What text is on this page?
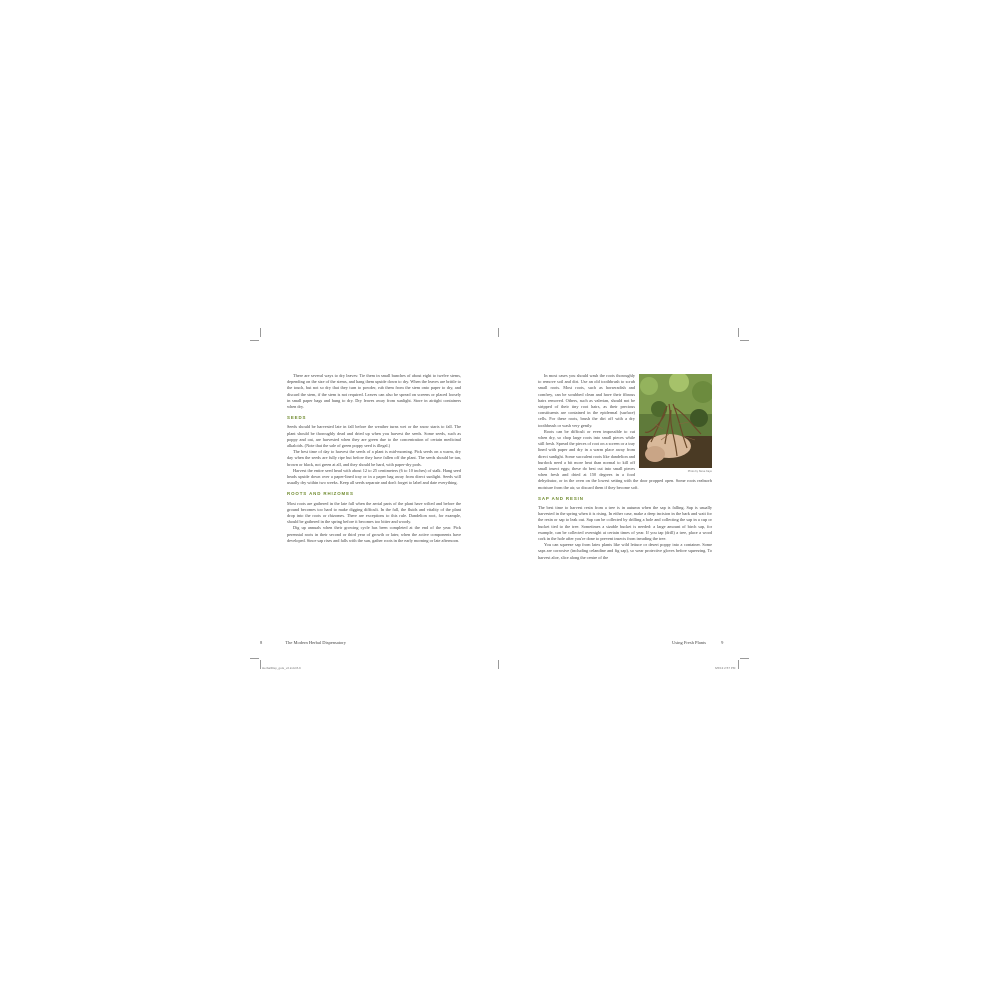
There are several ways to dry leaves: Tie them in small bunches of about eight to twelve stems, depending on the size of the stems, and hang them upside down to dry. When the leaves are brittle to the touch, but not so dry that they turn to powder, rub them from the stem onto paper to dry, and discard the stem, if the stem is not required. Leaves can also be spread on screens or placed loosely in small paper bags and hung to dry. Dry leaves away from sunlight. Store in airtight containers when dry.

SEEDS

Seeds should be harvested late in fall before the weather turns wet or the snow starts to fall. The plant should be thoroughly dead and dried up when you harvest the seeds. Some seeds, such as poppy and oat, are harvested when they are green due to the concentration of certain medicinal alkaloids. (Note that the sale of green poppy seed is illegal.)

The best time of day to harvest the seeds of a plant is mid-morning. Pick seeds on a warm, dry day when the seeds are fully ripe but before they have fallen off the plant. The seeds should be tan, brown or black, not green at all, and they should be hard, with paper-dry pods.

Harvest the entire seed head with about 12 to 25 centimeters (6 to 10 inches) of stalk. Hang seed heads upside down over a paper-lined tray or in a paper bag away from direct sunlight. Seeds will usually dry within two weeks. Keep all seeds separate and don't forget to label and date everything.

ROOTS AND RHIZOMES

Most roots are gathered in the late fall when the aerial parts of the plant have wilted and before the ground becomes too hard to make digging difficult. In the fall, the fluids and vitality of the plant drop into the roots or rhizomes. There are exceptions to this rule. Dandelion root, for example, should be gathered in the spring before it becomes too bitter and woody.

Dig up annuals when their growing cycle has been completed at the end of the year. Pick perennial roots in their second or third year of growth or later, when the active components have developed. Since sap rises and falls with the sun, gather roots in the early morning or late afternoon.

8	The Modern Herbal Dispensatory
Photo by Steve Kaye

In most cases you should wash the roots thoroughly to remove soil and dirt. Use an old toothbrush to scrub small roots. Most roots, such as horseradish and comfrey, can be scrubbed clean and have their fibrous hairs removed. Others, such as valerian, should not be stripped of their tiny root hairs, as their precious constituents are contained in the epidermal (surface) cells. For these roots, brush the dirt off with a dry toothbrush or wash very gently.

Roots can be difficult or even impossible to cut when dry, so chop large roots into small pieces while still fresh. Spread the pieces of root on a screen or a tray lined with paper and dry in a warm place away from direct sunlight. Some succulent roots like dandelion and burdock need a bit more heat than normal to kill off small insect eggs; these do best cut into small pieces when fresh and dried at 150 degrees in a food dehydrator, or in the oven on the lowest setting with the door propped open. Some roots reabsorb moisture from the air, so discard them if they become soft.

SAP AND RESIN

The best time to harvest resin from a tree is in autumn when the sap is falling. Sap is usually harvested in the spring when it is rising. In either case, make a deep incision in the bark and wait for the resin or sap to leak out. Sap can be collected by drilling a hole and collecting the sap in a cup or bucket tied to the tree. Sometimes a sizable bucket is needed: a large amount of birch sap, for example, can be collected overnight at certain times of year. If you tap (drill) a tree, place a wood cork in the hole after you're done to prevent insects from invading the tree.

You can squeeze sap from latex plants like wild lettuce or desert poppy into a container. Some saps are corrosive (including celandine and fig sap), so wear protective gloves before squeezing. To harvest aloe, slice along the centre of the

Using Fresh Plants	9
HerbalDisp_guts_v2.indd 8-9	6/6/13 2:57 PM
